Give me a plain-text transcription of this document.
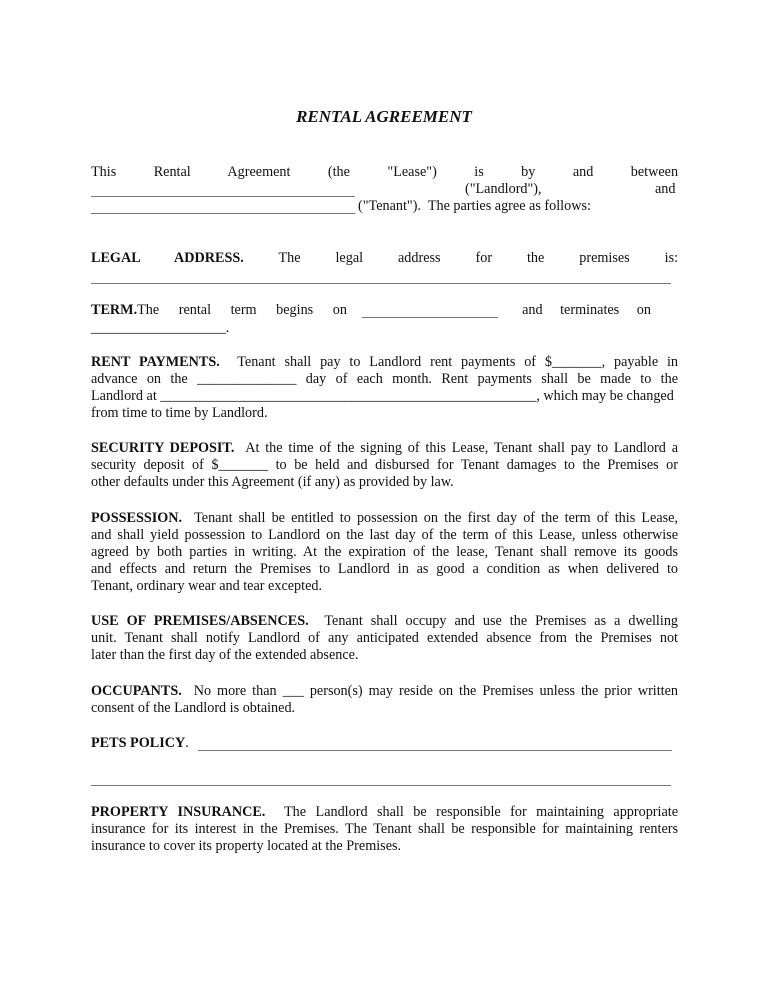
RENTAL AGREEMENT
This	Rental	Agreement	(the	"Lease")	is	by	and	between
("Landlord"),	and
("Tenant").  The parties agree as follows:
LEGAL ADDRESS. The legal address for the premises is:
TERM.The rental term begins on	and terminates on
___________________.
RENT PAYMENTS. Tenant shall pay to Landlord rent payments of $_______, payable in
advance on the ______________ day of each month. Rent payments shall be made to the
Landlord at _____________________________________________________, which may be changed
from time to time by Landlord.
SECURITY DEPOSIT. At the time of the signing of this Lease, Tenant shall pay to Landlord a
security deposit of $_______ to be held and disbursed for Tenant damages to the Premises or
other defaults under this Agreement (if any) as provided by law.
POSSESSION. Tenant shall be entitled to possession on the first day of the term of this Lease,
and shall yield possession to Landlord on the last day of the term of this Lease, unless otherwise
agreed by both parties in writing. At the expiration of the lease, Tenant shall remove its goods
and effects and return the Premises to Landlord in as good a condition as when delivered to
Tenant, ordinary wear and tear excepted.
USE OF PREMISES/ABSENCES. Tenant shall occupy and use the Premises as a dwelling
unit. Tenant shall notify Landlord of any anticipated extended absence from the Premises not
later than the first day of the extended absence.
OCCUPANTS. No more than ___ person(s) may reside on the Premises unless the prior written
consent of the Landlord is obtained.
PETS POLICY.
PROPERTY INSURANCE. The Landlord shall be responsible for maintaining appropriate
insurance for its interest in the Premises. The Tenant shall be responsible for maintaining renters
insurance to cover its property located at the Premises.
